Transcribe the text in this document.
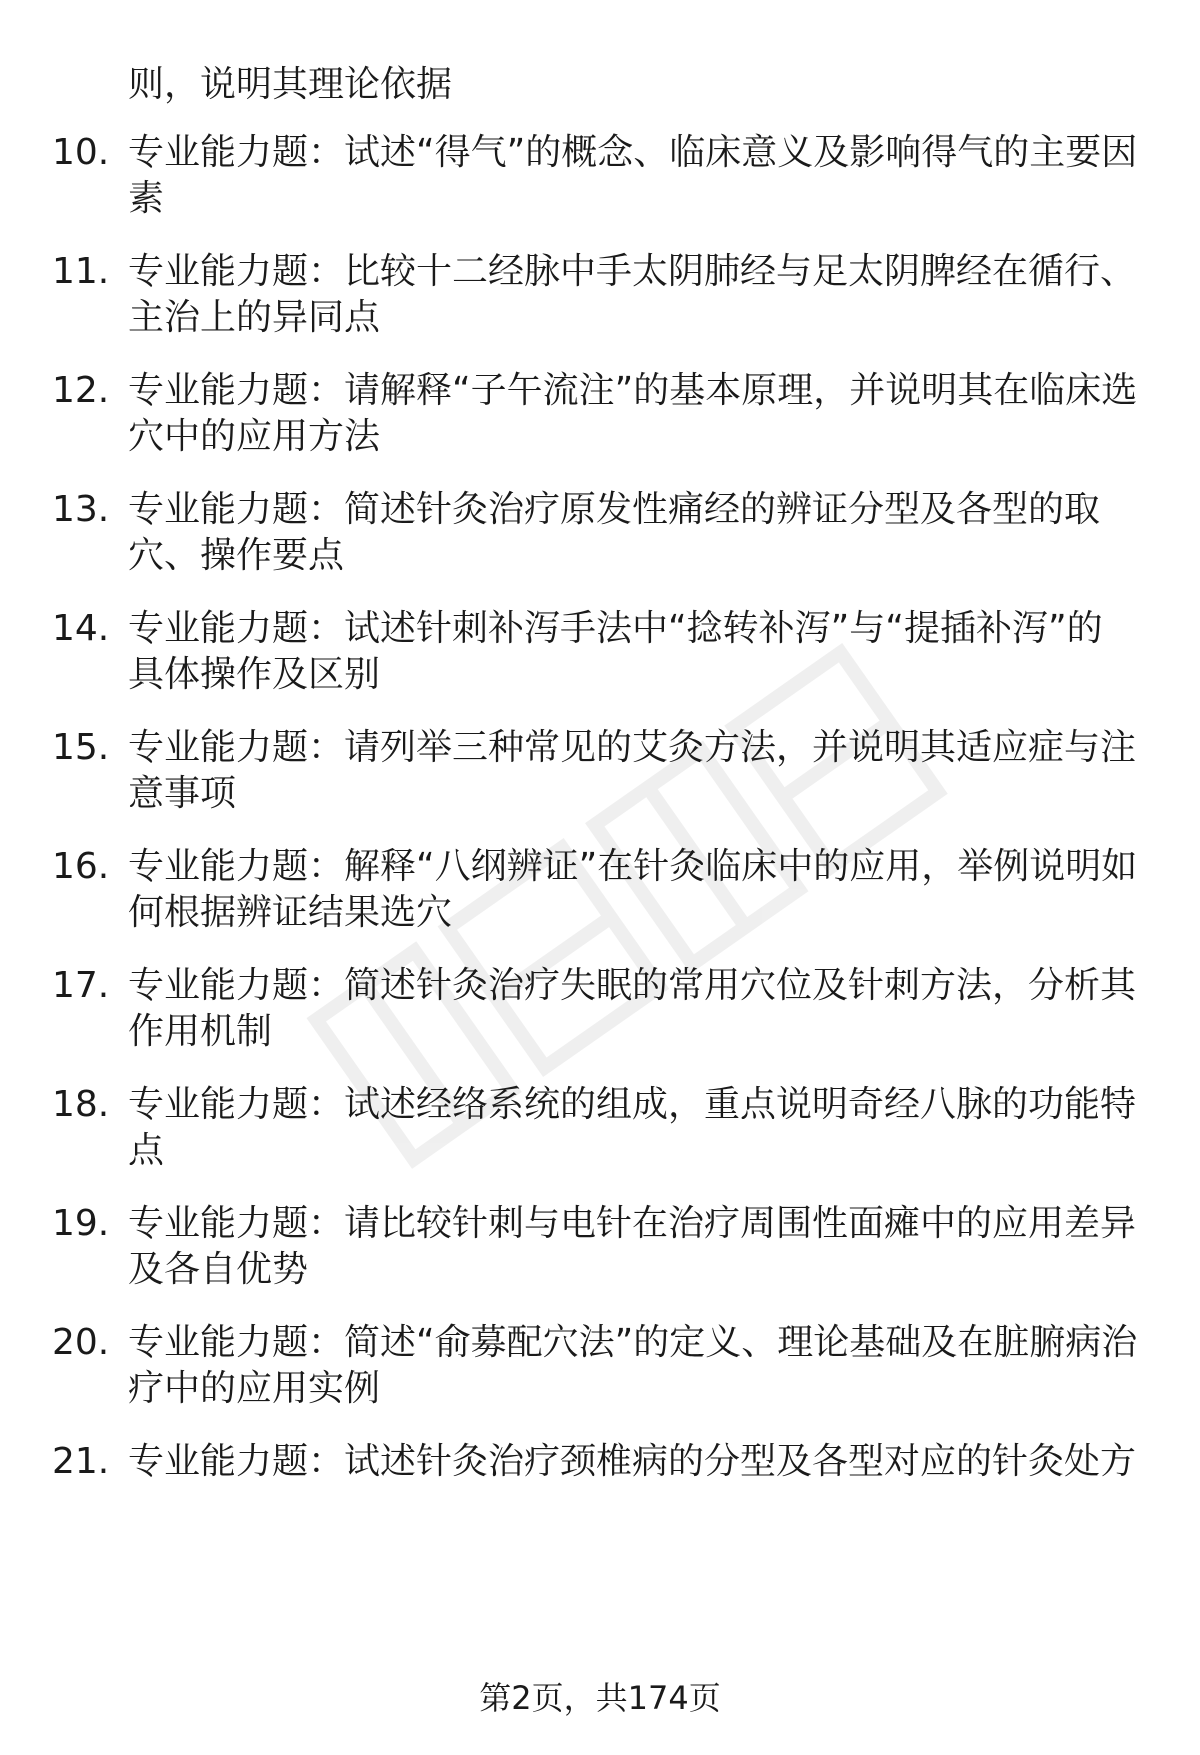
则，说明其理论依据
10. 专业能力题：试述“得气”的概念、临床意义及影响得气的主要因素
11. 专业能力题：比较十二经脉中手太阴肺经与足太阴脾经在循行、主治上的异同点
12. 专业能力题：请解释“子午流注”的基本原理，并说明其在临床选穴中的应用方法
13. 专业能力题：简述针灸治疗原发性痛经的辨证分型及各型的取穴、操作要点
14. 专业能力题：试述针刺补泻手法中“捻转补泻”与“提插补泻”的具体操作及区别
15. 专业能力题：请列举三种常见的艾灸方法，并说明其适应症与注意事项
16. 专业能力题：解释“八纲辨证”在针灸临床中的应用，举例说明如何根据辨证结果选穴
17. 专业能力题：简述针灸治疗失眠的常用穴位及针刺方法，分析其作用机制
18. 专业能力题：试述经络系统的组成，重点说明奇经八脉的功能特点
19. 专业能力题：请比较针刺与电针在治疗周围性面瘫中的应用差异及各自优势
20. 专业能力题：简述“俞募配穴法”的定义、理论基础及在脏腑病治疗中的应用实例
21. 专业能力题：试述针灸治疗颈椎病的分型及各型对应的针灸处方
第2页，共174页
